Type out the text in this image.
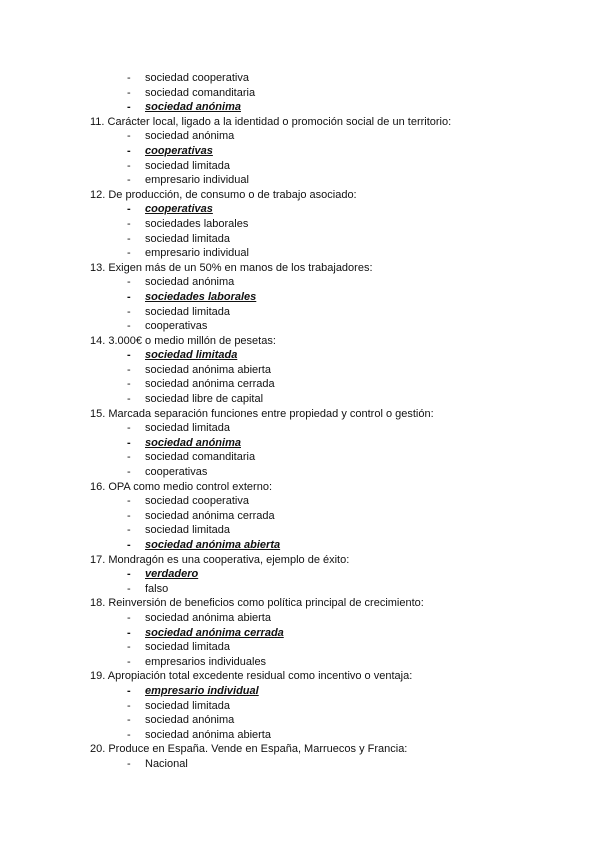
-	sociedad cooperativa
-	sociedad comanditaria
-	sociedad anónima
11. Carácter local, ligado a la identidad o promoción social de un territorio:
-	sociedad anónima
-	cooperativas
-	sociedad limitada
-	empresario individual
12. De producción, de consumo o de trabajo asociado:
-	cooperativas
-	sociedades laborales
-	sociedad limitada
-	empresario individual
13. Exigen más de un 50% en manos de los trabajadores:
-	sociedad anónima
-	sociedades laborales
-	sociedad limitada
-	cooperativas
14. 3.000€ o medio millón de pesetas:
-	sociedad limitada
-	sociedad anónima abierta
-	sociedad anónima cerrada
-	sociedad libre de capital
15. Marcada separación funciones entre propiedad y control o gestión:
-	sociedad limitada
-	sociedad anónima
-	sociedad comanditaria
-	cooperativas
16. OPA como medio control externo:
-	sociedad cooperativa
-	sociedad anónima cerrada
-	sociedad limitada
-	sociedad anónima abierta
17. Mondragón es una cooperativa, ejemplo de éxito:
-	verdadero
-	falso
18. Reinversión de beneficios como política principal de crecimiento:
-	sociedad anónima abierta
-	sociedad anónima cerrada
-	sociedad limitada
-	empresarios individuales
19. Apropiación total excedente residual como incentivo o ventaja:
-	empresario individual
-	sociedad limitada
-	sociedad anónima
-	sociedad anónima abierta
20. Produce en España. Vende en España, Marruecos y Francia:
-	Nacional
